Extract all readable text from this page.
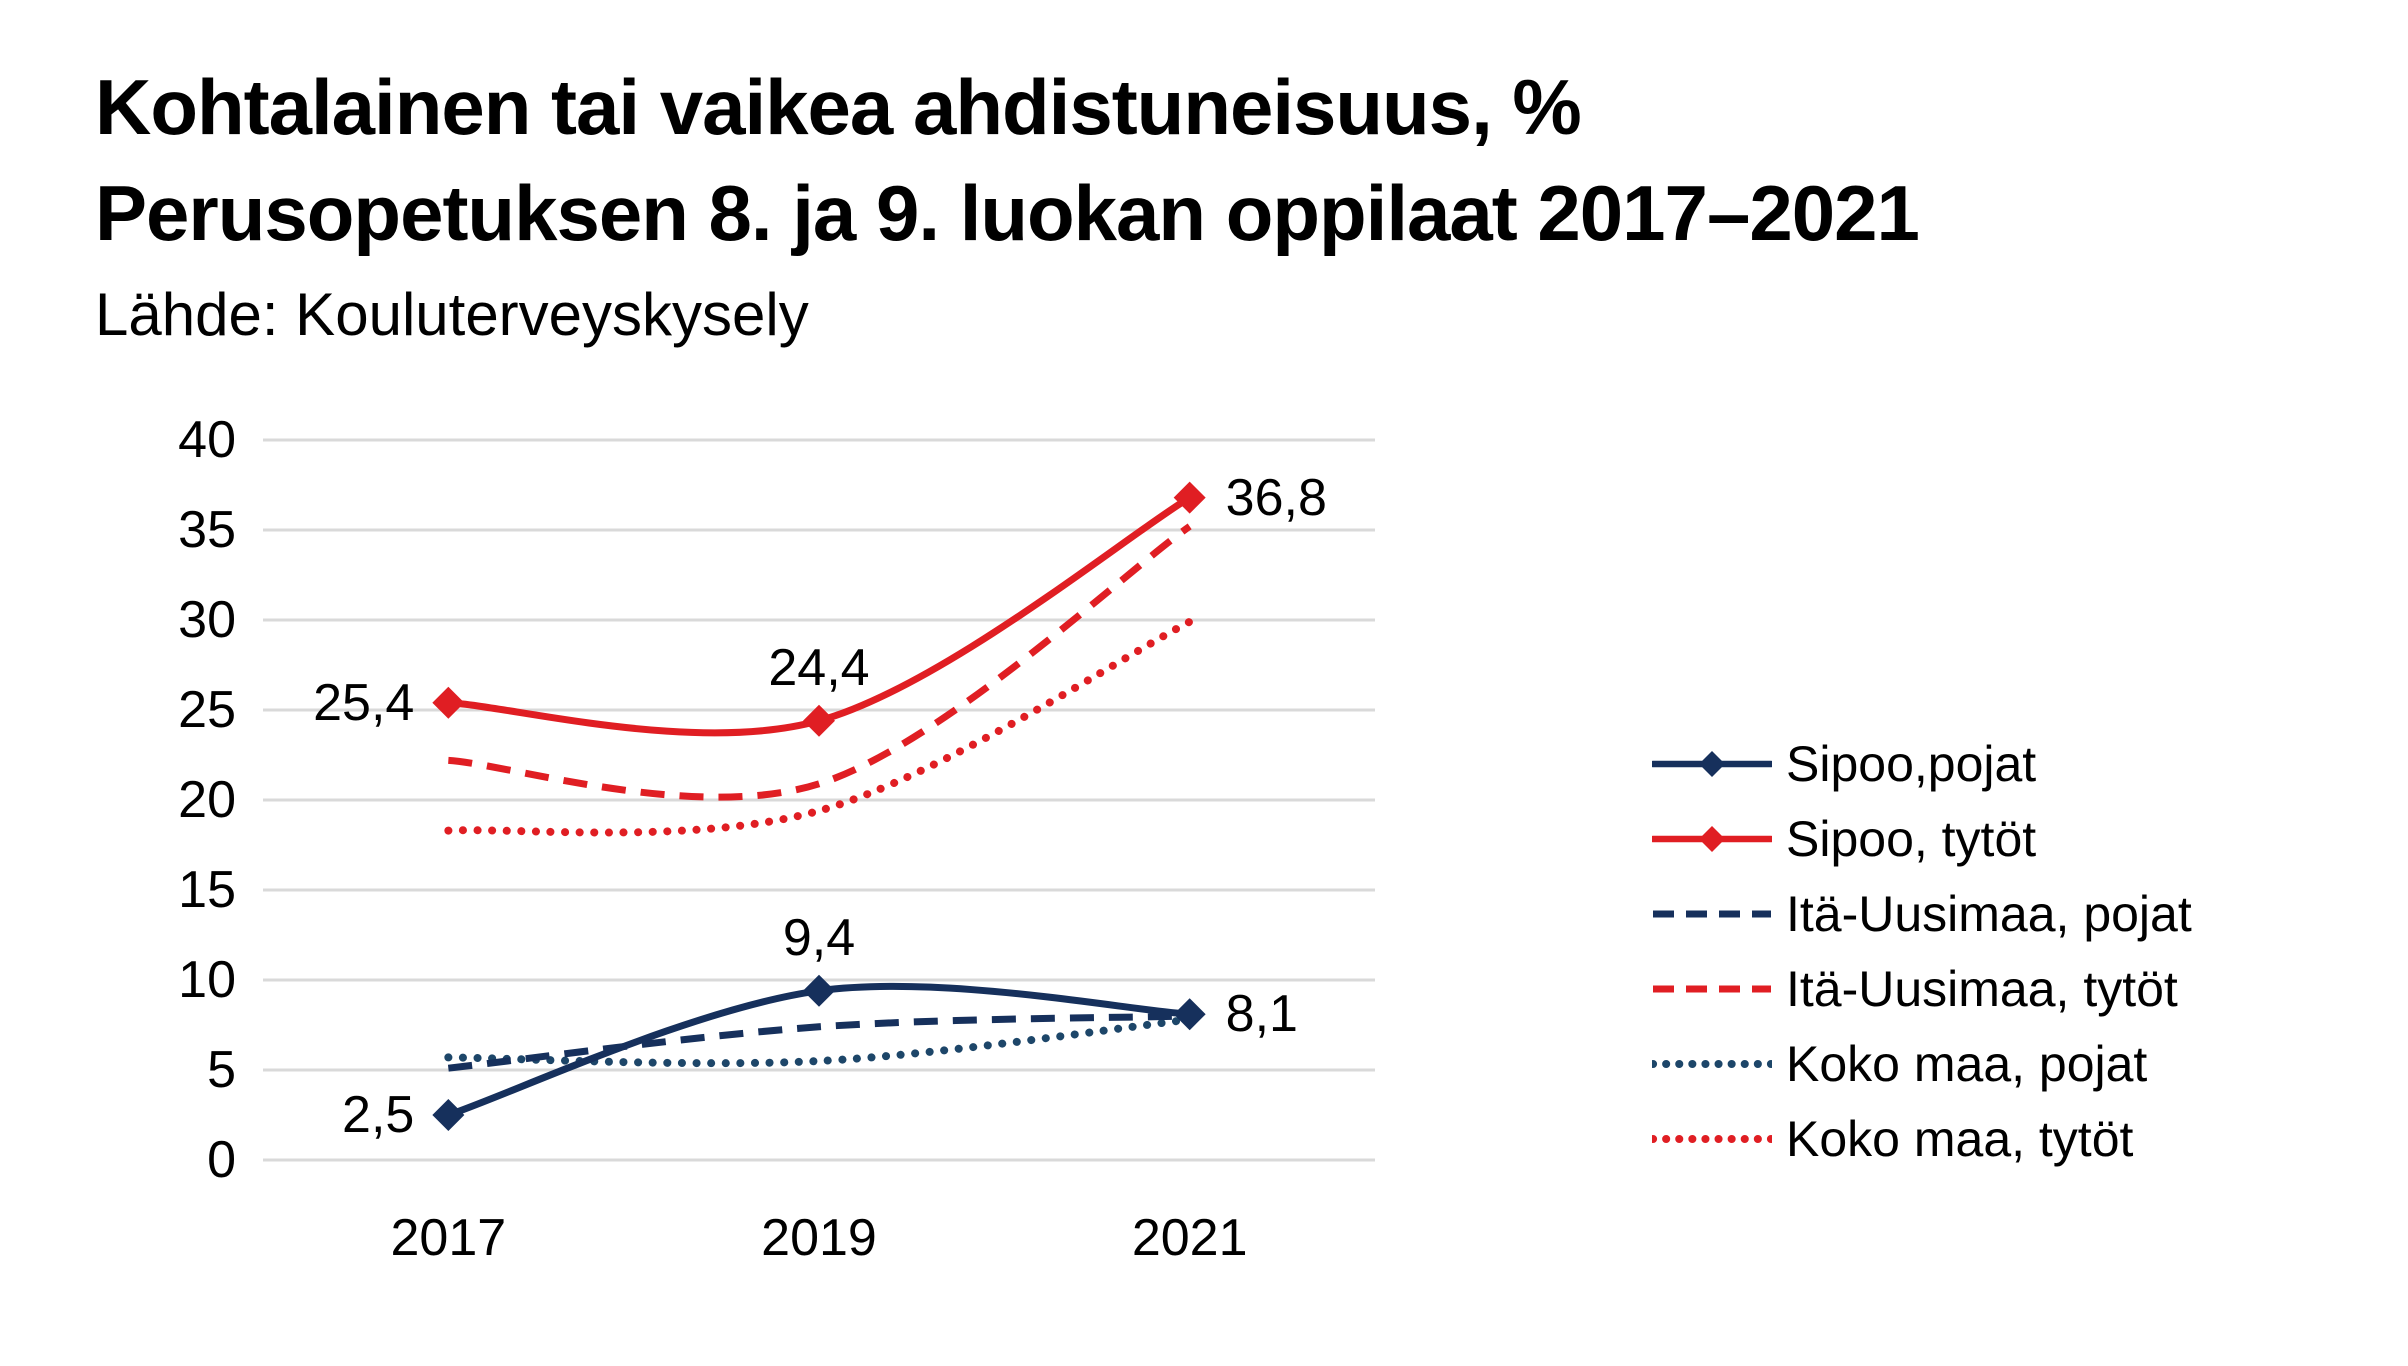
Kohtalainen tai vaikea ahdistuneisuus, %
Perusopetuksen 8. ja 9. luokan oppilaat 2017–2021
Lähde: Kouluterveyskysely
0
5
10
15
20
25
30
35
40
2017	2019	2021
2,5
9,4
8,1
25,4
24,4
36,8
Sipoo,pojat
Sipoo, tytöt
Itä-Uusimaa, pojat
Itä-Uusimaa, tytöt
Koko maa, pojat
Koko maa, tytöt
